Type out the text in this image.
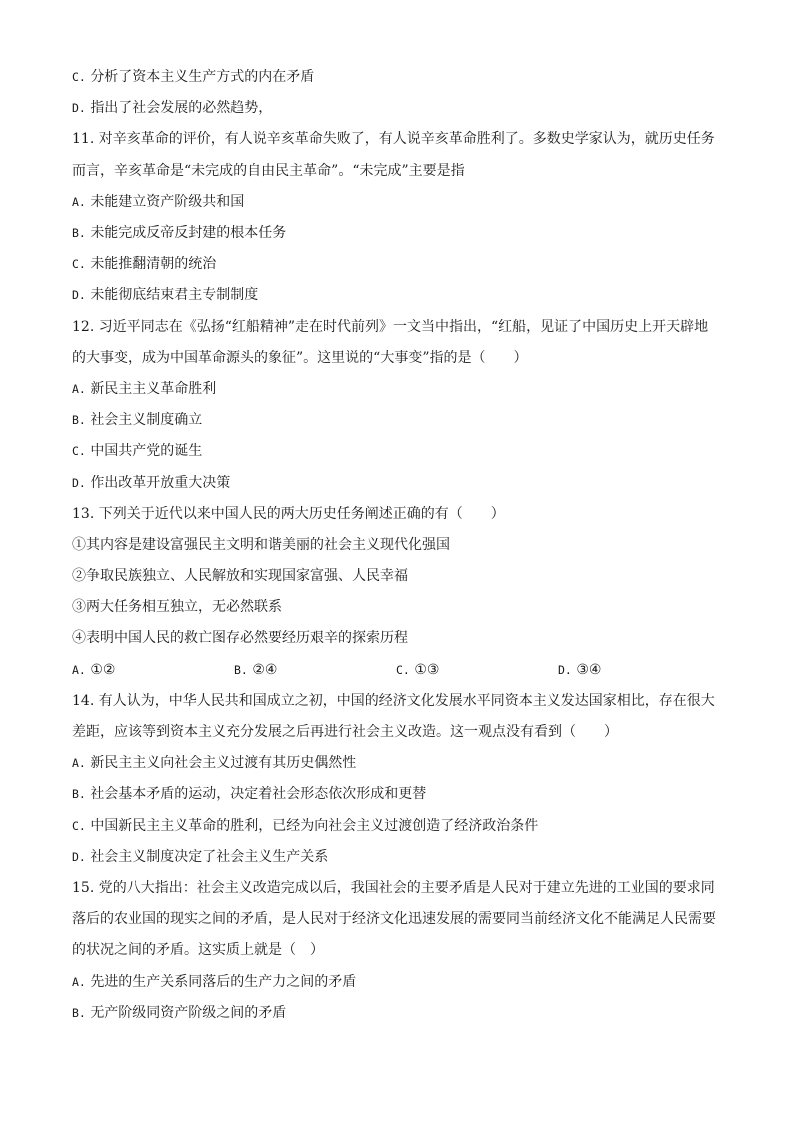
C. 分析了资本主义生产方式的内在矛盾
D. 指出了社会发展的必然趋势，
11. 对辛亥革命的评价，有人说辛亥革命失败了，有人说辛亥革命胜利了。多数史学家认为，就历史任务而言，辛亥革命是“未完成的自由民主革命”。“未完成”主要是指
A. 未能建立资产阶级共和国
B. 未能完成反帝反封建的根本任务
C. 未能推翻清朝的统治
D. 未能彻底结束君主专制制度
12. 习近平同志在《弘扬“红船精神”走在时代前列》一文当中指出，“红船，见证了中国历史上开天辟地的大事变，成为中国革命源头的象征”。这里说的“大事变”指的是（　　）
A. 新民主主义革命胜利
B. 社会主义制度确立
C. 中国共产党的诞生
D. 作出改革开放重大决策
13. 下列关于近代以来中国人民的两大历史任务阐述正确的有（　　）
①其内容是建设富强民主文明和谐美丽的社会主义现代化强国
②争取民族独立、人民解放和实现国家富强、人民幸福
③两大任务相互独立，无必然联系
④表明中国人民的救亡图存必然要经历艰辛的探索历程
A. ①②	B. ②④	C. ①③	D. ③④
14. 有人认为，中华人民共和国成立之初，中国的经济文化发展水平同资本主义发达国家相比，存在很大差距，应该等到资本主义充分发展之后再进行社会主义改造。这一观点没有看到（　　）
A. 新民主主义向社会主义过渡有其历史偶然性
B. 社会基本矛盾的运动，决定着社会形态依次形成和更替
C. 中国新民主主义革命的胜利，已经为向社会主义过渡创造了经济政治条件
D. 社会主义制度决定了社会主义生产关系
15. 党的八大指出：社会主义改造完成以后，我国社会的主要矛盾是人民对于建立先进的工业国的要求同落后的农业国的现实之间的矛盾，是人民对于经济文化迅速发展的需要同当前经济文化不能满足人民需要的状况之间的矛盾。这实质上就是（　）
A. 先进的生产关系同落后的生产力之间的矛盾
B. 无产阶级同资产阶级之间的矛盾
